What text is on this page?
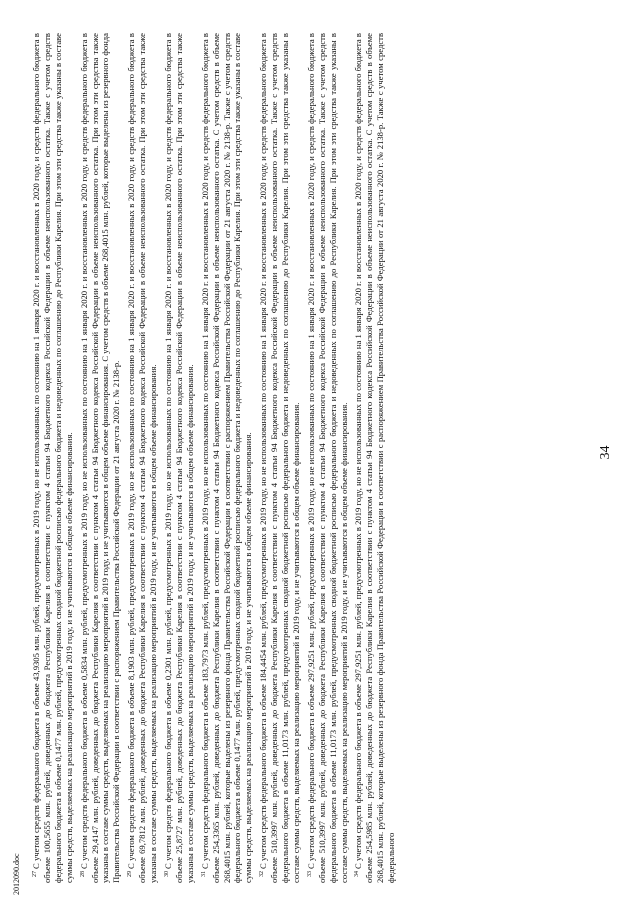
$^{27}$С учетом средств федерального бюджета в объеме 43,9305 млн. рублей, предусмотренных в 2019 году, но не использованных по состоянию на 1 января 2020 г. и восстановленных в 2020 году, и средств федерального бюджета в объеме 100,5655 млн. рублей, доведенных до бюджета Республики Карелия в соответствии с пунктом 4 статьи 94 Бюджетного кодекса Российской Федерации в объеме неиспользованного остатка. Также с учетом средств федерального бюджета в объеме 0,1477 млн. рублей, предусмотренных сводной бюджетной росписью федерального бюджета и недоведенных по соглашению до Республики Карелия. При этом эти средства также указаны в составе суммы средств, выделяемых на реализацию мероприятий в 2019 году, и не учитываются в общем объеме финансирования. $^{28}$С учетом средств федерального бюджета в объеме 0,5834 млн. рублей, предусмотренных в 2019 году, но не использованных по состоянию на 1 января 2020 г. и восстановленных в 2020 году, и средств федерального бюджета в объеме 29,4147 млн. рублей, доведенных до бюджета Республики Карелия в соответствии с пунктом 4 статьи 94 Бюджетного кодекса Российской Федерации в объеме неиспользованного остатка. При этом эти средства также указаны в составе суммы средств, выделяемых на реализацию мероприятий в 2019 году, и не учитываются в общем объеме финансирования. С учетом средств в объеме 268,4015 млн. рублей, которые выделены из резервного фонда Правительства Российской Федерации в соответствии с распоряжением Правительства Российской Федерации от 21 августа 2020 г. № 2138-р. $^{29}$С учетом средств федерального бюджета в объеме 8,1903 млн. рублей, предусмотренных в 2019 году, но не использованных по состоянию на 1 января 2020 г. и восстановленных в 2020 году, и средств федерального бюджета в объеме 69,7812 млн. рублей, доведенных до бюджета Республики Карелия в соответствии с пунктом 4 статьи 94 Бюджетного кодекса Российской Федерации в объеме неиспользованного остатка. При этом эти средства также указаны в составе суммы средств, выделяемых на реализацию мероприятий в 2019 году, и не учитываются в общем объеме финансирования. $^{30}$С учетом средств федерального бюджета в объеме 0,2301 млн. рублей, предусмотренных в 2019 году, но не использованных по состоянию на 1 января 2020 г. и восстановленных в 2020 году, и средств федерального бюджета в объеме 25,8727 млн. рублей, доведенных до бюджета Республики Карелия в соответствии с пунктом 4 статьи 94 Бюджетного кодекса Российской Федерации в объеме неиспользованного остатка. При этом эти средства также указаны в составе суммы средств, выделяемых на реализацию мероприятий в 2019 году, и не учитываются в общем объеме финансирования. $^{31}$С учетом средств федерального бюджета в объеме 183,7973 млн. рублей, предусмотренных в 2019 году, но не использованных по состоянию на 1 января 2020 г. и восстановленных в 2020 году, и средств федерального бюджета в объеме 254,3365 млн. рублей, доведенных до бюджета Республики Карелия в соответствии с пунктом 4 статьи 94 Бюджетного кодекса Российской Федерации в объеме неиспользованного остатка. С учетом средств в объеме 268,4015 млн. рублей, которые выделены из резервного фонда Правительства Российской Федерации в соответствии с распоряжением Правительства Российской Федерации от 21 августа 2020 г. № 2138-р. Также с учетом средств федерального бюджета в объеме 0,1477 млн. рублей, предусмотренных сводной бюджетной росписью федерального бюджета и недоведенных по соглашению до Республики Карелия. При этом эти средства также указаны в составе суммы средств, выделяемых на реализацию мероприятий в 2019 году, и не учитываются в общем объеме финансирования. $^{32}$С учетом средств федерального бюджета в объеме 184,4454 млн. рублей, предусмотренных в 2019 году, но не использованных по состоянию на 1 января 2020 г. и восстановленных в 2020 году, и средств федерального бюджета в объеме 510,3997 млн. рублей, доведенных до бюджета Республики Карелия в соответствии с пунктом 4 статьи 94 Бюджетного кодекса Российской Федерации в объеме неиспользованного остатка. Также с учетом средств федерального бюджета в объеме 11,0173 млн. рублей, предусмотренных сводной бюджетной росписью федерального бюджета и недоведенных по соглашению до Республики Карелия. При этом эти средства также указаны в составе суммы средств, выделяемых на реализацию мероприятий в 2019 году, и не учитываются в общем объеме финансирования. $^{33}$С учетом средств федерального бюджета в объеме 297,9251 млн. рублей, предусмотренных в 2019 году, но не использованных по состоянию на 1 января 2020 г. и восстановленных в 2020 году, и средств федерального бюджета в объеме 510,3997 млн. рублей, доведенных до бюджета Республики Карелия в соответствии с пунктом 4 статьи 94 Бюджетного кодекса Российской Федерации в объеме неиспользованного остатка. Также с учетом средств федерального бюджета в объеме 11,0173 млн. рублей, предусмотренных сводной бюджетной росписью федерального бюджета и недоведенных по соглашению до Республики Карелия. При этом эти средства также указаны в составе суммы средств, выделяемых на реализацию мероприятий в 2019 году, и не учитываются в общем объеме финансирования. $^{34}$С учетом средств федерального бюджета в объеме 297,9251 млн. рублей, предусмотренных в 2019 году, но не использованных по состоянию на 1 января 2020 г. и восстановленных в 2020 году, и средств федерального бюджета в объеме 254,5985 млн. рублей, доведенных до бюджета Республики Карелия в соответствии с пунктом 4 статьи 94 Бюджетного кодекса Российской Федерации в объеме неиспользованного остатка. С учетом средств в объеме 268,4015 млн. рублей, которые выделены из резервного фонда Правительства Российской Федерации в соответствии с распоряжением Правительства Российской Федерации от 21 августа 2020 г. № 2138-р. Также с учетом средств федерального

34
2012090.doc
